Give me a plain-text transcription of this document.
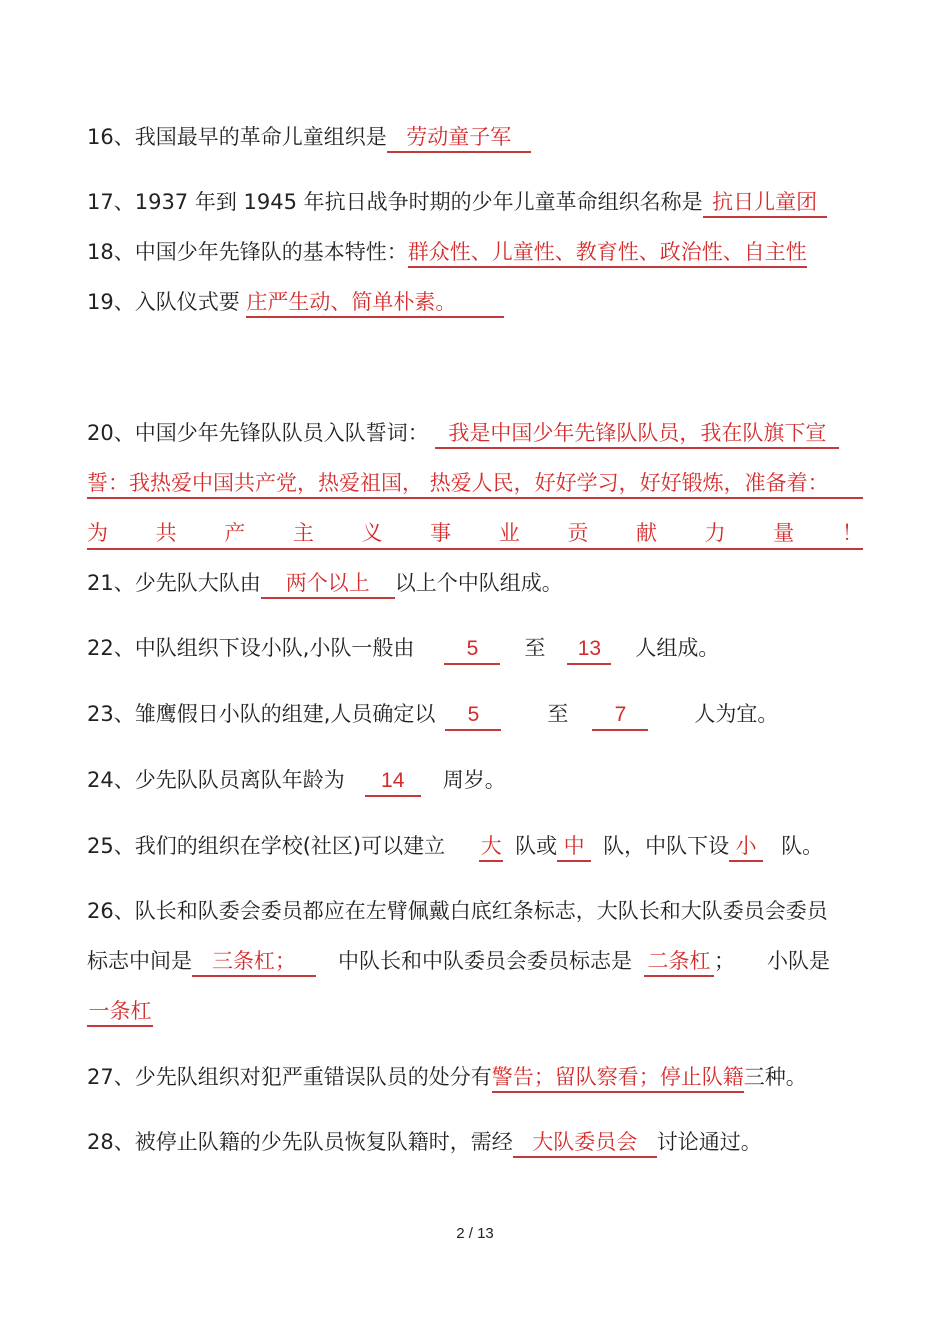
16、我国最早的革命儿童组织是 劳动童子军
17、1937 年到 1945 年抗日战争时期的少年儿童革命组织名称是 抗日儿童团
18、中国少年先锋队的基本特性：群众性、儿童性、教育性、政治性、自主性
19、入队仪式要 庄严生动、简单朴素。
20、中国少年先锋队队员入队誓词： 我是中国少年先锋队队员，我在队旗下宣
誓：我热爱中国共产党，热爱祖国， 热爱人民，好好学习，好好锻炼，准备着：
为 共 产 主 义 事 业 贡 献 力 量 ！
21、少先队大队由 两个以上 以上个中队组成。
22、中队组织下设小队,小队一般由 5 至 13 人组成。
23、雏鹰假日小队的组建,人员确定以 5	至 7	人为宜。
24、少先队队员离队年龄为 14 周岁。
25、我们的组织在学校(社区)可以建立 大 队或 中 队，中队下设 小 队。
26、队长和队委会委员都应在左臂佩戴白底红条标志，大队长和大队委员会委员
标志中间是 三条杠； 中队长和中队委员会委员标志是 二条杠 ； 小队是
一条杠
27、少先队组织对犯严重错误队员的处分有警告；留队察看；停止队籍三种。
28、被停止队籍的少先队员恢复队籍时，需经 大队委员会 讨论通过。
2 / 13
